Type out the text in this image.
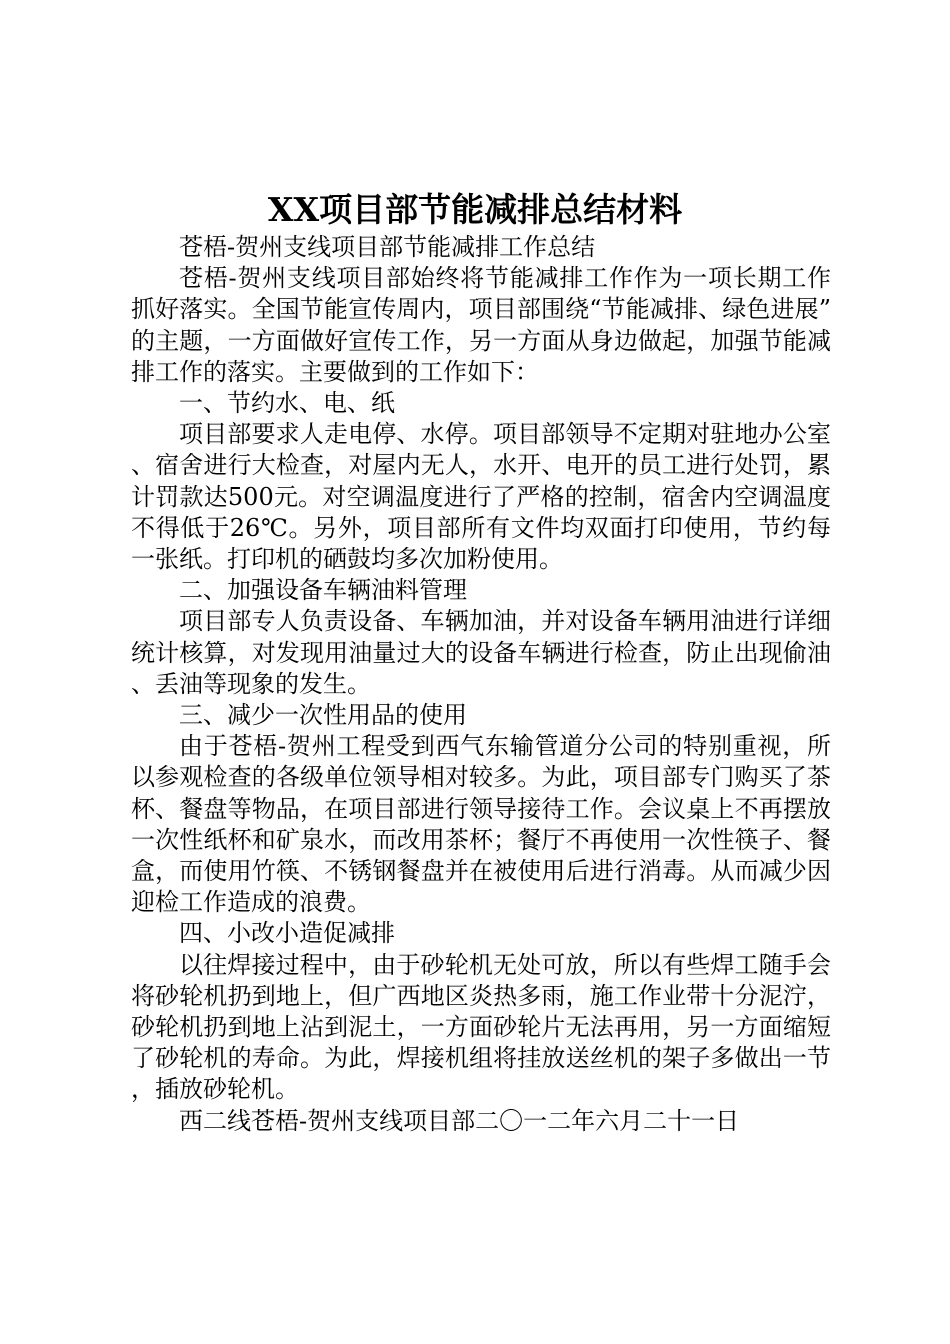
XX项目部节能减排总结材料

苍梧-贺州支线项目部节能减排工作总结

苍梧-贺州支线项目部始终将节能减排工作作为一项长期工作抓好落实。全国节能宣传周内，项目部围绕“节能减排、绿色进展”的主题，一方面做好宣传工作，另一方面从身边做起，加强节能减排工作的落实。主要做到的工作如下：

一、节约水、电、纸

项目部要求人走电停、水停。项目部领导不定期对驻地办公室、宿舍进行大检查，对屋内无人，水开、电开的员工进行处罚，累计罚款达500元。对空调温度进行了严格的控制，宿舍内空调温度不得低于26℃。另外，项目部所有文件均双面打印使用，节约每一张纸。打印机的硒鼓均多次加粉使用。

二、加强设备车辆油料管理

项目部专人负责设备、车辆加油，并对设备车辆用油进行详细统计核算，对发现用油量过大的设备车辆进行检查，防止出现偷油、丢油等现象的发生。

三、减少一次性用品的使用

由于苍梧-贺州工程受到西气东输管道分公司的特别重视，所以参观检查的各级单位领导相对较多。为此，项目部专门购买了茶杯、餐盘等物品，在项目部进行领导接待工作。会议桌上不再摆放一次性纸杯和矿泉水，而改用茶杯；餐厅不再使用一次性筷子、餐盒，而使用竹筷、不锈钢餐盘并在被使用后进行消毒。从而减少因迎检工作造成的浪费。

四、小改小造促减排

以往焊接过程中，由于砂轮机无处可放，所以有些焊工随手会将砂轮机扔到地上，但广西地区炎热多雨，施工作业带十分泥泞，砂轮机扔到地上沾到泥土，一方面砂轮片无法再用，另一方面缩短了砂轮机的寿命。为此，焊接机组将挂放送丝机的架子多做出一节，插放砂轮机。

西二线苍梧-贺州支线项目部二〇一二年六月二十一日
